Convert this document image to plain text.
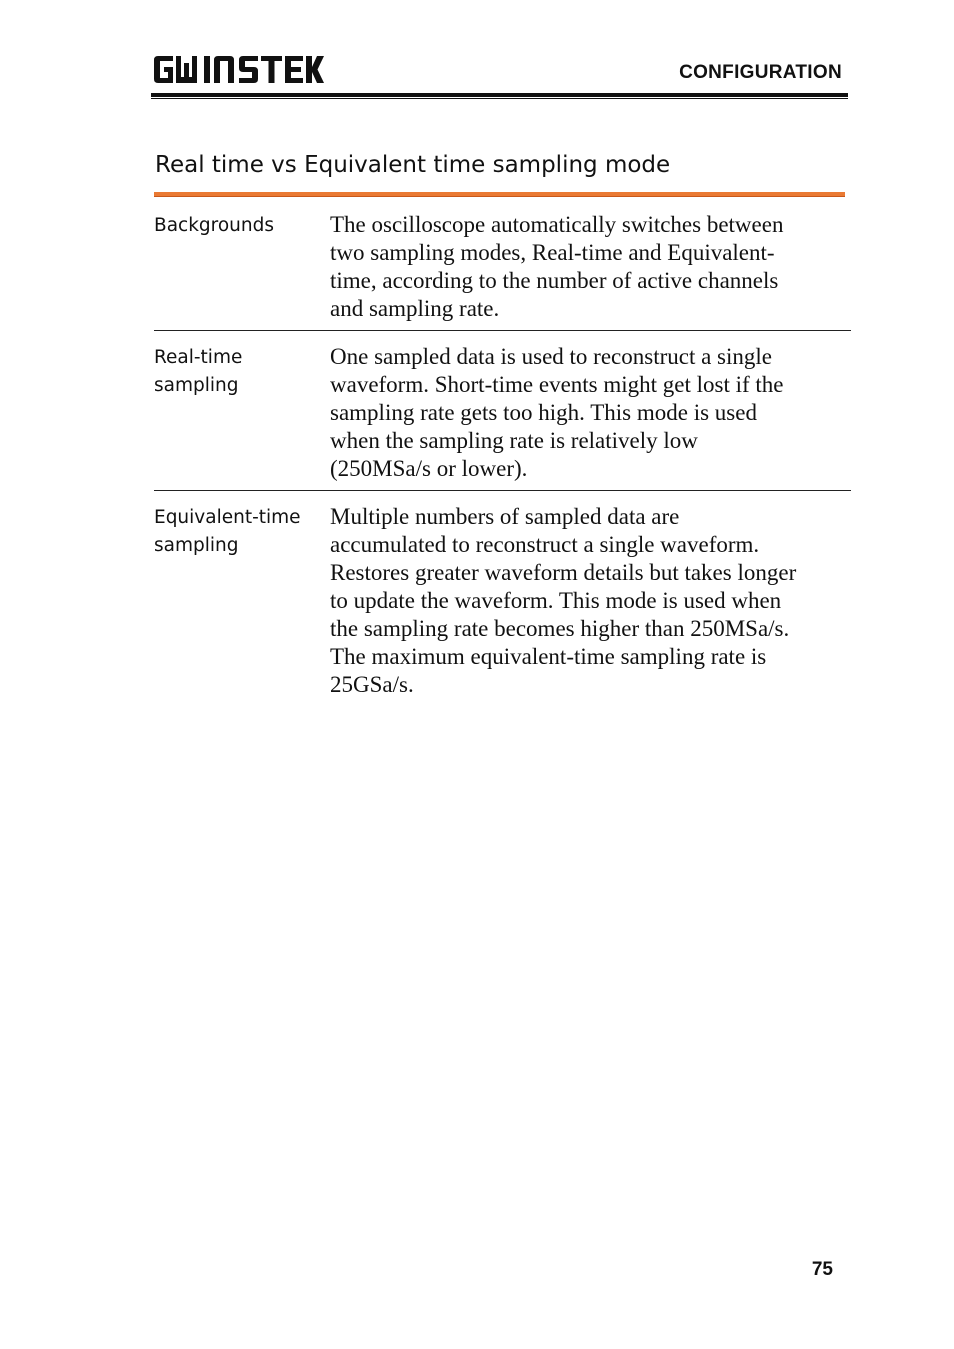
CONFIGURATION
Real time vs Equivalent time sampling mode
Backgrounds	The oscilloscope automatically switches between
two sampling modes, Real-time and Equivalent-
time, according to the number of active channels
and sampling rate.
Real-time
sampling
One sampled data is used to reconstruct a single
waveform. Short-time events might get lost if the
sampling rate gets too high. This mode is used
when the sampling rate is relatively low
(250MSa/s or lower).
Equivalent-time
sampling
Multiple numbers of sampled data are
accumulated to reconstruct a single waveform.
Restores greater waveform details but takes longer
to update the waveform. This mode is used when
the sampling rate becomes higher than 250MSa/s.
The maximum equivalent-time sampling rate is
25GSa/s.
75
